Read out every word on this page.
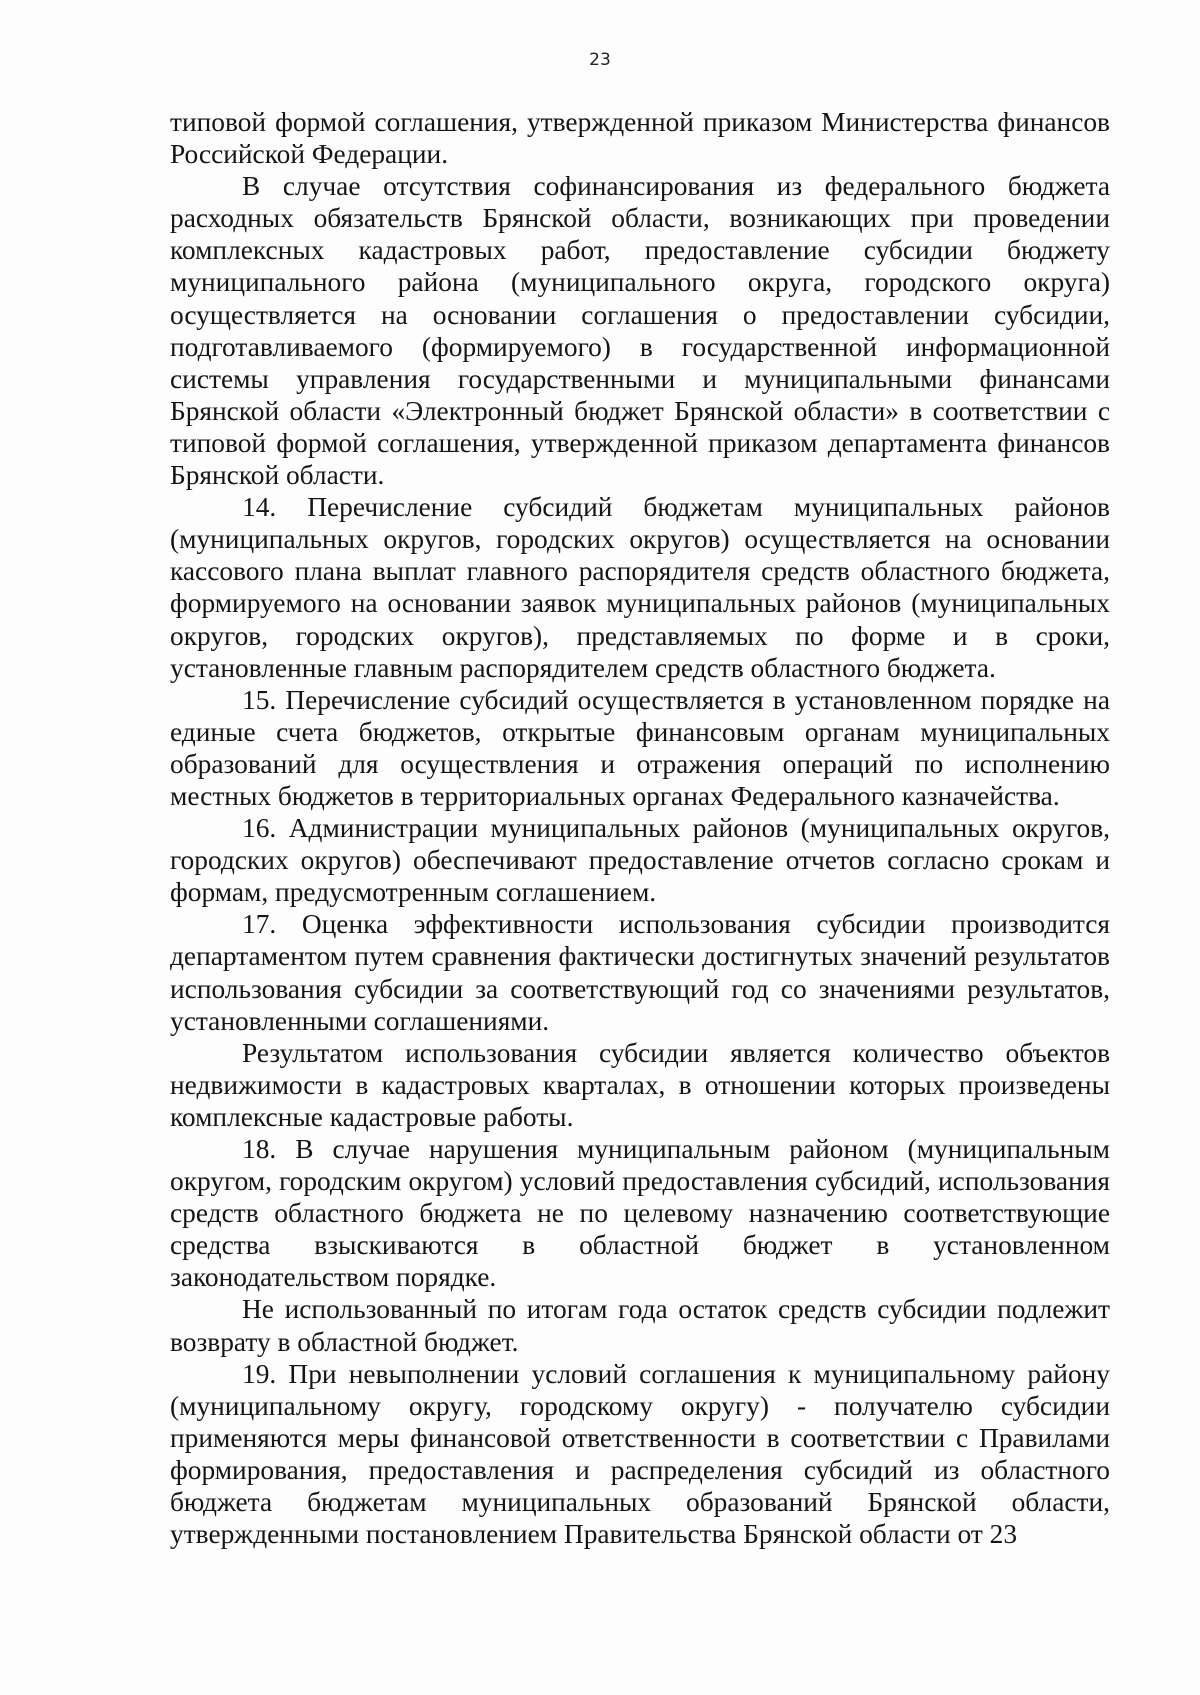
23

типовой формой соглашения, утвержденной приказом Министерства финансов Российской Федерации.

В случае отсутствия софинансирования из федерального бюджета расходных обязательств Брянской области, возникающих при проведении комплексных кадастровых работ, предоставление субсидии бюджету муниципального района (муниципального округа, городского округа) осуществляется на основании соглашения о предоставлении субсидии, подготавливаемого (формируемого) в государственной информационной системы управления государственными и муниципальными финансами Брянской области «Электронный бюджет Брянской области» в соответствии с типовой формой соглашения, утвержденной приказом департамента финансов Брянской области.

14. Перечисление субсидий бюджетам муниципальных районов (муниципальных округов, городских округов) осуществляется на основании кассового плана выплат главного распорядителя средств областного бюджета, формируемого на основании заявок муниципальных районов (муниципальных округов, городских округов), представляемых по форме и в сроки, установленные главным распорядителем средств областного бюджета.

15. Перечисление субсидий осуществляется в установленном порядке на единые счета бюджетов, открытые финансовым органам муниципальных образований для осуществления и отражения операций по исполнению местных бюджетов в территориальных органах Федерального казначейства.

16. Администрации муниципальных районов (муниципальных округов, городских округов) обеспечивают предоставление отчетов согласно срокам и формам, предусмотренным соглашением.

17. Оценка эффективности использования субсидии производится департаментом путем сравнения фактически достигнутых значений результатов использования субсидии за соответствующий год со значениями результатов, установленными соглашениями.

Результатом использования субсидии является количество объектов недвижимости в кадастровых кварталах, в отношении которых произведены комплексные кадастровые работы.

18. В случае нарушения муниципальным районом (муниципальным округом, городским округом) условий предоставления субсидий, использования средств областного бюджета не по целевому назначению соответствующие средства взыскиваются в областной бюджет в установленном законодательством порядке.

Не использованный по итогам года остаток средств субсидии подлежит возврату в областной бюджет.

19. При невыполнении условий соглашения к муниципальному району (муниципальному округу, городскому округу) - получателю субсидии применяются меры финансовой ответственности в соответствии с Правилами формирования, предоставления и распределения субсидий из областного бюджета бюджетам муниципальных образований Брянской области, утвержденными постановлением Правительства Брянской области от 23
